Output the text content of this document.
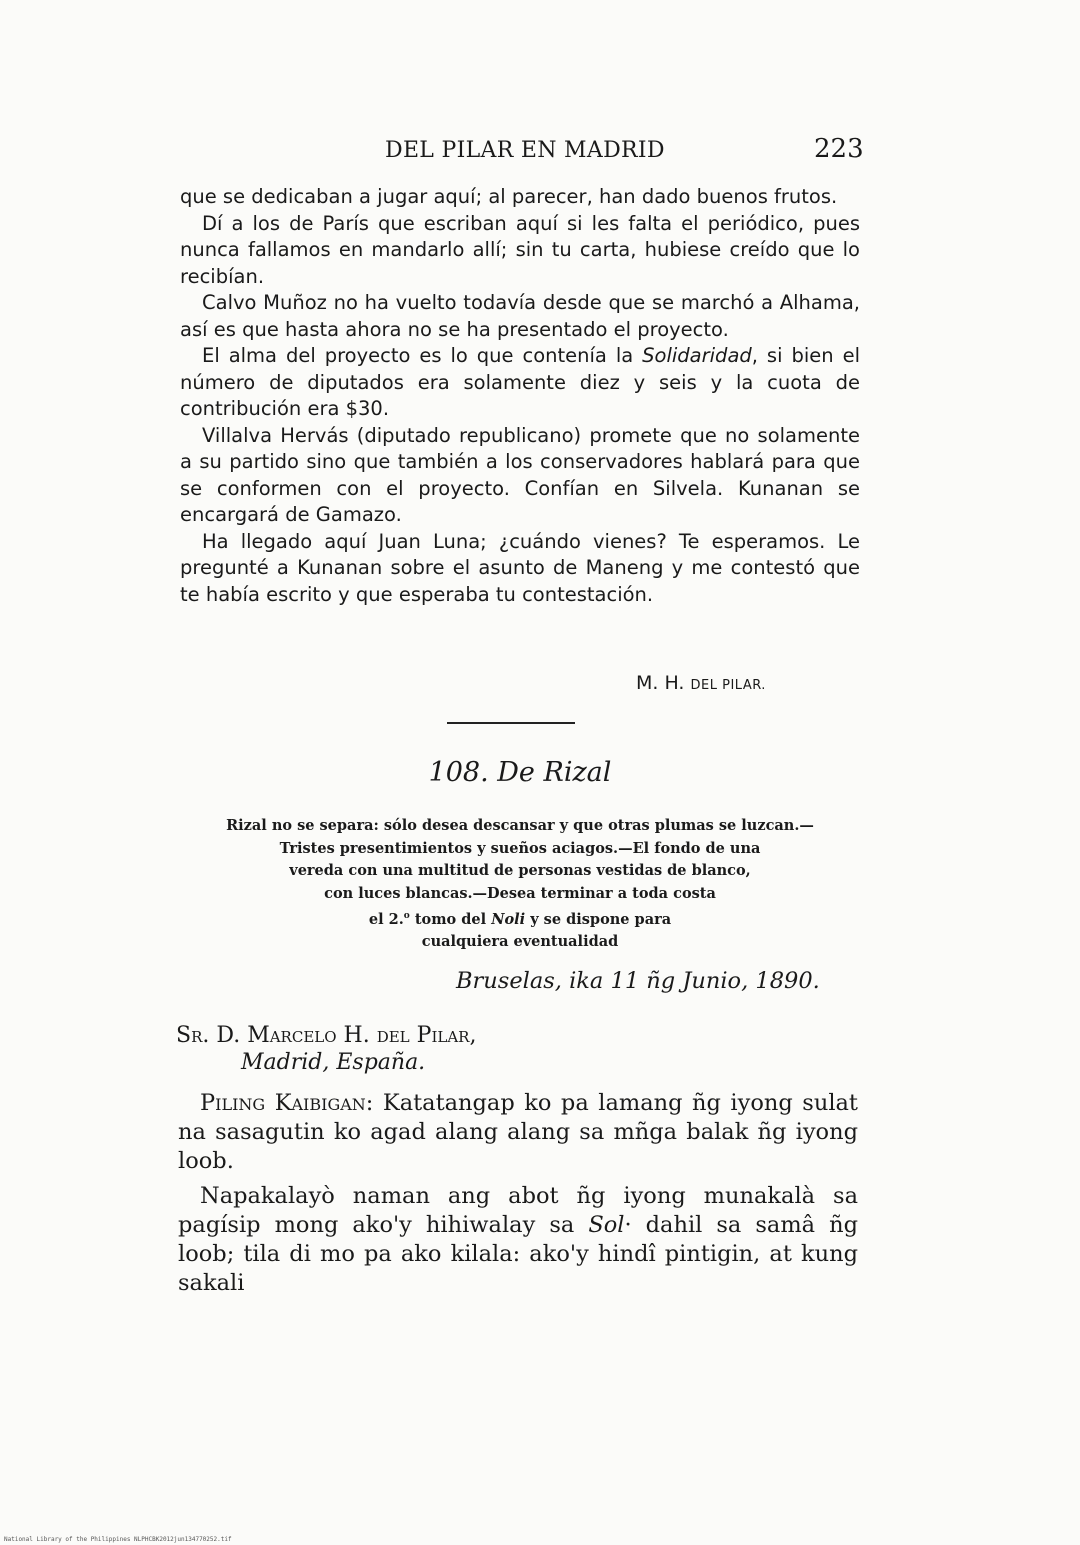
DEL PILAR EN MADRID	223

que se dedicaban a jugar aquí; al parecer, han dado buenos frutos.

Dí a los de París que escriban aquí si les falta el periódico, pues nunca fallamos en mandarlo allí; sin tu carta, hubiese creído que lo recibían.

Calvo Muñoz no ha vuelto todavía desde que se marchó a Alhama, así es que hasta ahora no se ha presentado el proyecto.

El alma del proyecto es lo que contenía la Solidaridad, si bien el número de diputados era solamente diez y seis y la cuota de contribución era $30.

Villalva Hervás (diputado republicano) promete que no solamente a su partido sino que también a los conservadores hablará para que se conformen con el proyecto. Confían en Silvela. Kunanan se encargará de Gamazo.

Ha llegado aquí Juan Luna; ¿cuándo vienes? Te esperamos. Le pregunté a Kunanan sobre el asunto de Maneng y me contestó que te había escrito y que esperaba tu contestación.

M. H. DEL PILAR.
108. De Rizal
Rizal no se separa: sólo desea descansar y que otras plumas se luzcan.—
Tristes presentimientos y sueños aciagos.—El fondo de una
vereda con una multitud de personas vestidas de blanco,
con luces blancas.—Desea terminar a toda costa
el 2.$^o$ tomo del Noli y se dispone para
cualquiera eventualidad
Bruselas, ika 11 ñg Junio, 1890.
Sr. D. Marcelo H. del Pilar,
Madrid, España.

Piling Kaibigan: Katatangap ko pa lamang ñg iyong sulat na sasagutin ko agad alang alang sa mñga balak ñg iyong loob.

Napakalayò naman ang abot ñg iyong munakalà sa pagísip mong ako'y hihiwalay sa Sol· dahil sa samâ ñg loob; tila di mo pa ako kilala: ako'y hindî pintigin, at kung sakali

National Library of the Philippines NLPHCBK2012jun134770252.tif
